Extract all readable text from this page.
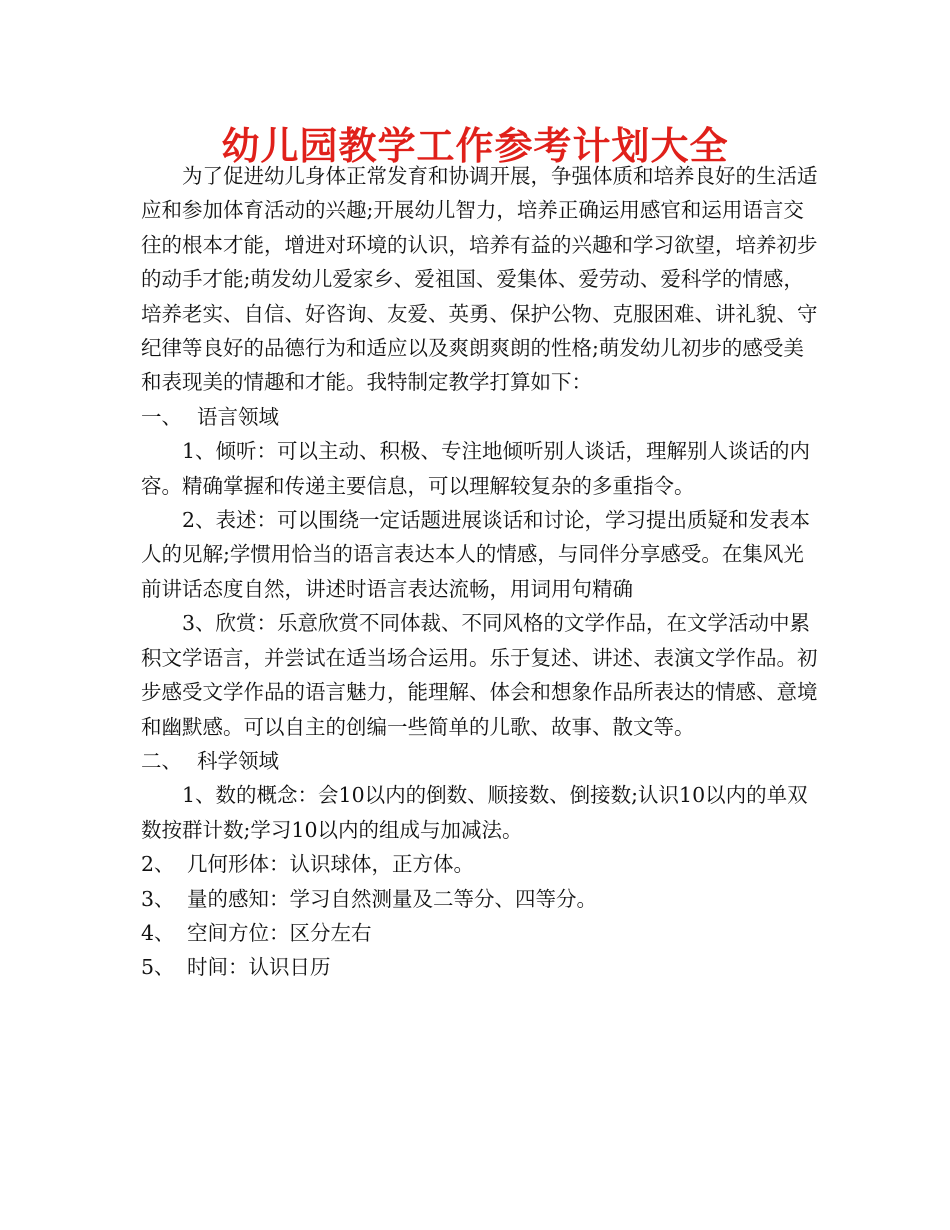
幼儿园教学工作参考计划大全

为了促进幼儿身体正常发育和协调开展，争强体质和培养良好的生活适应和参加体育活动的兴趣;开展幼儿智力，培养正确运用感官和运用语言交往的根本才能，增进对环境的认识，培养有益的兴趣和学习欲望，培养初步的动手才能;萌发幼儿爱家乡、爱祖国、爱集体、爱劳动、爱科学的情感，培养老实、自信、好咨询、友爱、英勇、保护公物、克服困难、讲礼貌、守纪律等良好的品德行为和适应以及爽朗爽朗的性格;萌发幼儿初步的感受美和表现美的情趣和才能。我特制定教学打算如下：

一、 语言领域

1、倾听：可以主动、积极、专注地倾听别人谈话，理解别人谈话的内容。精确掌握和传递主要信息，可以理解较复杂的多重指令。

2、表述：可以围绕一定话题进展谈话和讨论，学习提出质疑和发表本人的见解;学惯用恰当的语言表达本人的情感，与同伴分享感受。在集风光前讲话态度自然，讲述时语言表达流畅，用词用句精确

3、欣赏：乐意欣赏不同体裁、不同风格的文学作品，在文学活动中累积文学语言，并尝试在适当场合运用。乐于复述、讲述、表演文学作品。初步感受文学作品的语言魅力，能理解、体会和想象作品所表达的情感、意境和幽默感。可以自主的创编一些简单的儿歌、故事、散文等。

二、 科学领域

1、数的概念：会10以内的倒数、顺接数、倒接数;认识10以内的单双数按群计数;学习10以内的组成与加减法。

2、 几何形体：认识球体，正方体。

3、 量的感知：学习自然测量及二等分、四等分。

4、 空间方位：区分左右

5、 时间：认识日历
